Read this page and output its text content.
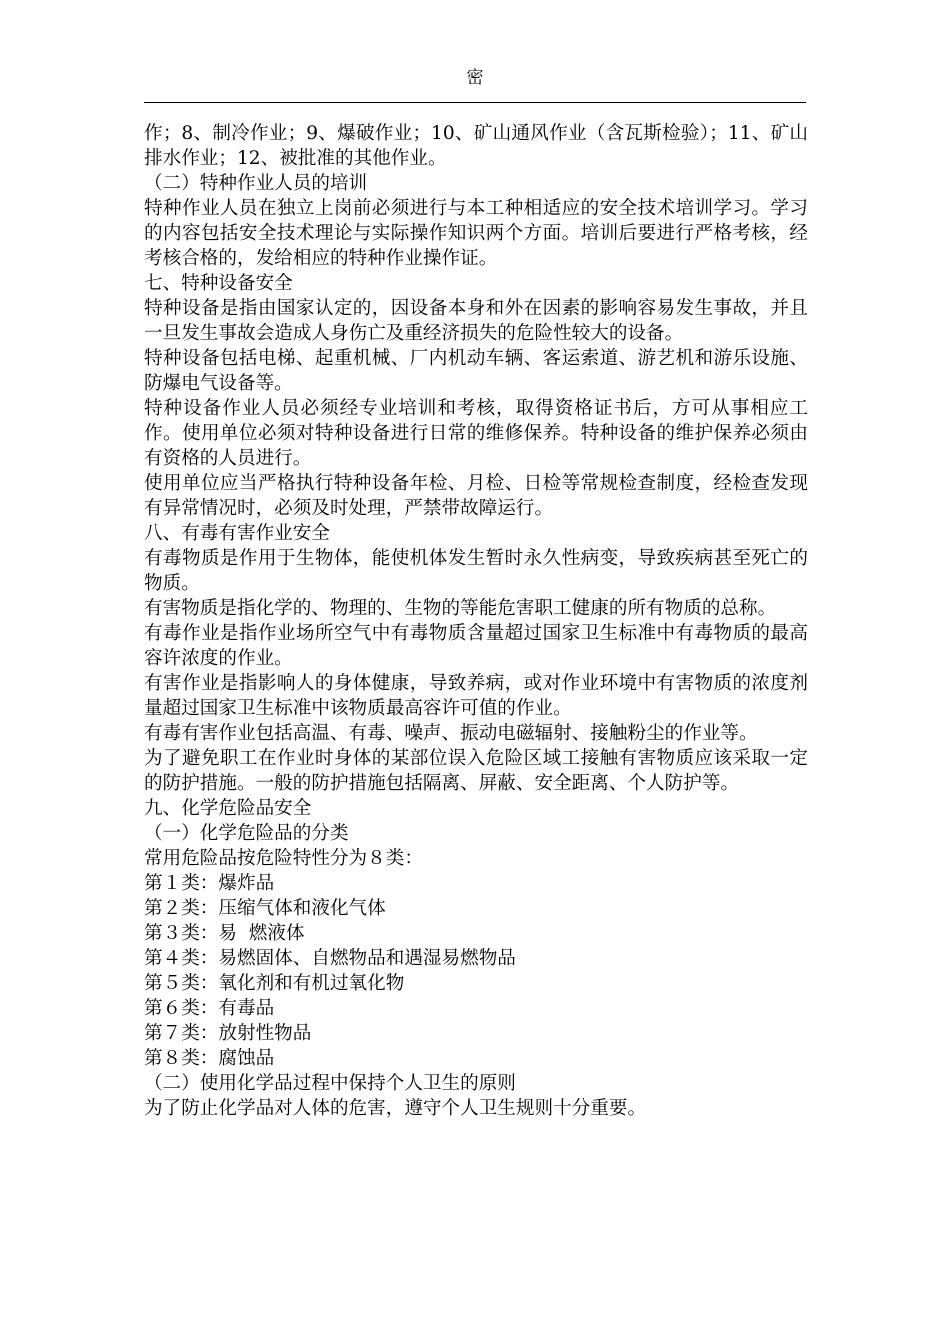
密

作；8、制冷作业；9、爆破作业；10、矿山通风作业（含瓦斯检验）；11、矿山排水作业；12、被批准的其他作业。

（二）特种作业人员的培训

特种作业人员在独立上岗前必须进行与本工种相适应的安全技术培训学习。学习的内容包括安全技术理论与实际操作知识两个方面。培训后要进行严格考核，经考核合格的，发给相应的特种作业操作证。

七、特种设备安全

特种设备是指由国家认定的，因设备本身和外在因素的影响容易发生事故，并且一旦发生事故会造成人身伤亡及重经济损失的危险性较大的设备。

特种设备包括电梯、起重机械、厂内机动车辆、客运索道、游艺机和游乐设施、防爆电气设备等。

特种设备作业人员必须经专业培训和考核，取得资格证书后，方可从事相应工作。使用单位必须对特种设备进行日常的维修保养。特种设备的维护保养必须由有资格的人员进行。

使用单位应当严格执行特种设备年检、月检、日检等常规检查制度，经检查发现有异常情况时，必须及时处理，严禁带故障运行。

八、有毒有害作业安全

有毒物质是作用于生物体，能使机体发生暂时永久性病变，导致疾病甚至死亡的物质。

有害物质是指化学的、物理的、生物的等能危害职工健康的所有物质的总称。

有毒作业是指作业场所空气中有毒物质含量超过国家卫生标准中有毒物质的最高容许浓度的作业。

有害作业是指影响人的身体健康，导致养病，或对作业环境中有害物质的浓度剂量超过国家卫生标准中该物质最高容许可值的作业。

有毒有害作业包括高温、有毒、噪声、振动电磁辐射、接触粉尘的作业等。

为了避免职工在作业时身体的某部位误入危险区域工接触有害物质应该采取一定的防护措施。一般的防护措施包括隔离、屏蔽、安全距离、个人防护等。

九、化学危险品安全

（一）化学危险品的分类

常用危险品按危险特性分为８类：

第１类：爆炸品

第２类：压缩气体和液化气体

第３类：易  燃液体

第４类：易燃固体、自燃物品和遇湿易燃物品

第５类：氧化剂和有机过氧化物

第６类：有毒品

第７类：放射性物品

第８类：腐蚀品

（二）使用化学品过程中保持个人卫生的原则

为了防止化学品对人体的危害，遵守个人卫生规则十分重要。
